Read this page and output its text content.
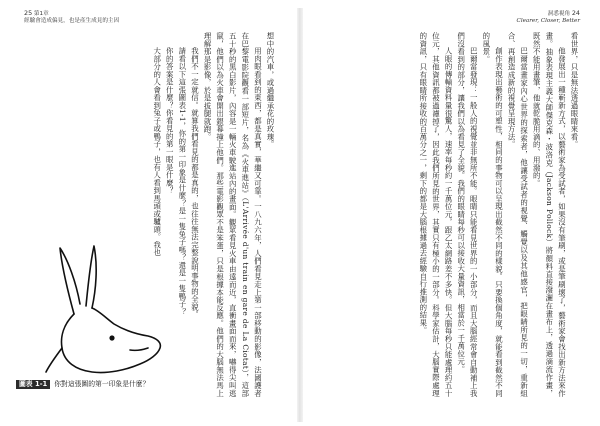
25 第1章
經驗會造成偏見，也是產生成見的主因

想中的汽車，或過繼承花的玫瑰。

用肉眼看到的東西，都是真實，華繼又可靠。一八九六年，人們看見走上第一部移動的影像，法國護者在巴黎電影院觀看一部短片，名為《火車進站》（L'Arrivée d'un train en gare de La Ciotat），這部五十秒的黑白影片，內容是一輛火車駛進站內的畫面。觀眾看見火車由遠而近，直衝畫面而來，嚇得尖叫逃竄，他們以為火車會開出銀幕撞上他們。那些電影觀眾不是笨蛋，只是根據本能反應。他們的大腦無法馬上理解那是影像，於是拔腿就跑。

我們不一定就信。就算我們看見的都是真的，也往往無法完整說明事物的全貌。

請看以下這張圖表1-1，你的第一印象是什麼？是一隻兔子嗎？還是一隻鴨子？

你的答案是什麼？你看見的第一眼是什麼？

大部分的人會看到兔子或鴨子，也有人看到馬頭或驢頭。我也

圖表 1-1 你對這張圖的第一印象是什麼？
洞悉視角 24
Clearer, Closer, Better

看世界，只是無法透過眼睛來看。

他發展出一種嶄新方式，以藝術家為受試者，如果沒有筆刷，或是筆刷壞了，藝術家會找出新方法來作畫。抽象表現主義大師傑克森・波洛克（Jackson Pollock）將顏料直接潑灑在畫布上，透過滴流作畫，既然不能用畫筆，他就乾脆用滴的、用潑的。

巴爾當畫家內心世界的探索者，他讓受試者的視覺、觸覺以及其他感官，把眼睛所見的一切，重新組合、再創造成新的視覺呈現方法。

創作表現出藝術的可塑性，相同的事物可以呈現出截然不同的樣貌。只要換個角度，就能看到截然不同的風景。

巴爾當發現：一般人的視覺並非無所不能。眼睛只能看見世界的一小部分，而且大腦經常會自動補上我們沒看到的部分，讓我們以為看見了全貌。我們的眼睛每秒可以接收大量資訊，相當於一千萬位元。

人眼的傳輸資料量很驚人，速率每秒約一千萬位元，跟乙太網路差不多快。但大腦每秒只能處理約五十位元，其他資訊都被過濾掉了，因此我們所見的世界，其實只有極小的一部分。科學家估計，大腦實際處理的資訊，只有眼睛所接收的百萬分之一，剩下的都是大腦根據過去經驗自行推測的結果。
